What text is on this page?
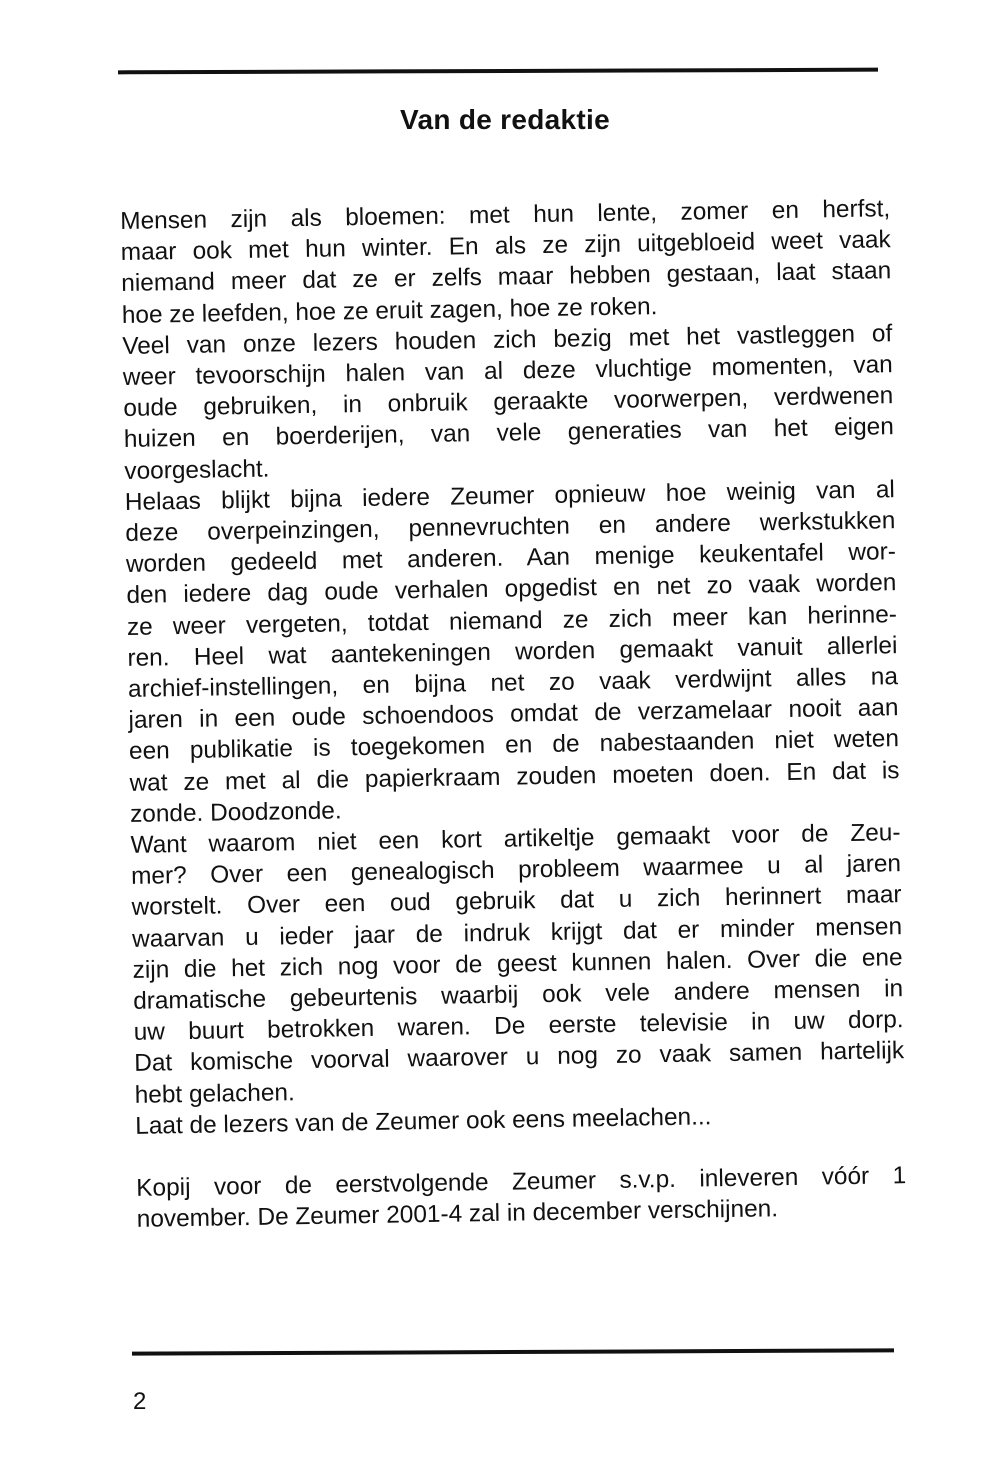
Van de redaktie
Mensen zijn als bloemen: met hun lente, zomer en herfst,
maar ook met hun winter. En als ze zijn uitgebloeid weet vaak
niemand meer dat ze er zelfs maar hebben gestaan, laat staan
hoe ze leefden, hoe ze eruit zagen, hoe ze roken.
Veel van onze lezers houden zich bezig met het vastleggen of
weer tevoorschijn halen van al deze vluchtige momenten, van
oude gebruiken, in onbruik geraakte voorwerpen, verdwenen
huizen en boerderijen, van vele generaties van het eigen
voorgeslacht.
Helaas blijkt bijna iedere Zeumer opnieuw hoe weinig van al
deze overpeinzingen, pennevruchten en andere werkstukken
worden gedeeld met anderen. Aan menige keukentafel wor-
den iedere dag oude verhalen opgedist en net zo vaak worden
ze weer vergeten, totdat niemand ze zich meer kan herinne-
ren. Heel wat aantekeningen worden gemaakt vanuit allerlei
archief-instellingen, en bijna net zo vaak verdwijnt alles na
jaren in een oude schoendoos omdat de verzamelaar nooit aan
een publikatie is toegekomen en de nabestaanden niet weten
wat ze met al die papierkraam zouden moeten doen. En dat is
zonde. Doodzonde.
Want waarom niet een kort artikeltje gemaakt voor de Zeu-
mer? Over een genealogisch probleem waarmee u al jaren
worstelt. Over een oud gebruik dat u zich herinnert maar
waarvan u ieder jaar de indruk krijgt dat er minder mensen
zijn die het zich nog voor de geest kunnen halen. Over die ene
dramatische gebeurtenis waarbij ook vele andere mensen in
uw buurt betrokken waren. De eerste televisie in uw dorp.
Dat komische voorval waarover u nog zo vaak samen hartelijk
hebt gelachen.
Laat de lezers van de Zeumer ook eens meelachen...
Kopij voor de eerstvolgende Zeumer s.v.p. inleveren vóór 1
november. De Zeumer 2001-4 zal in december verschijnen.

2
